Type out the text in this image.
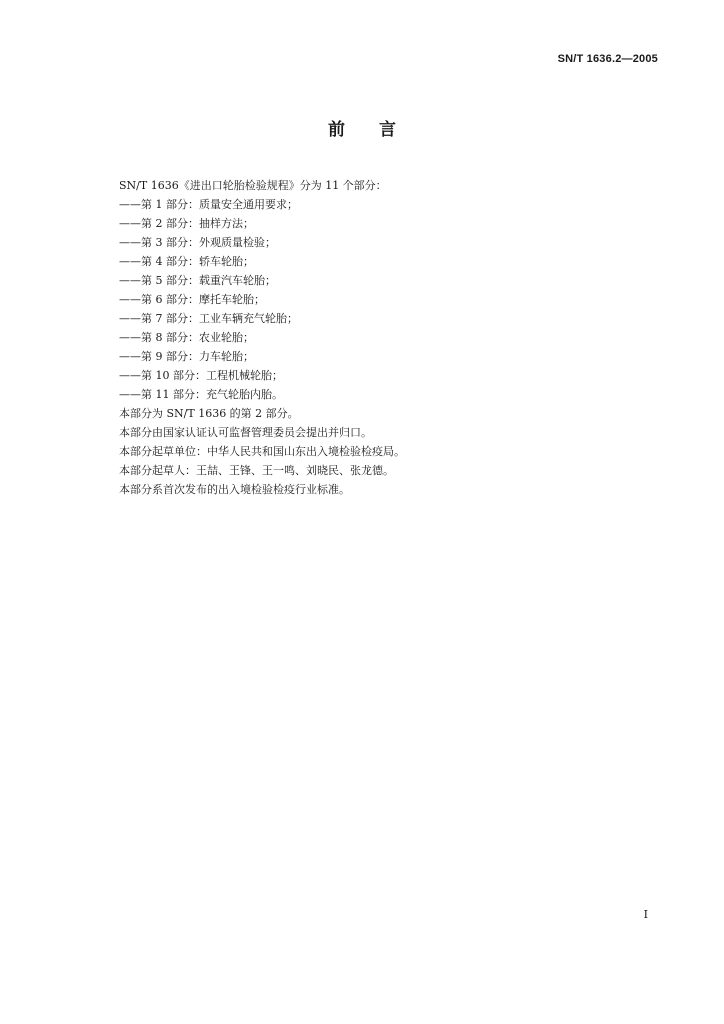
SN/T 1636.2—2005
前言
SN/T 1636《进出口轮胎检验规程》分为 11 个部分：
——第 1 部分：质量安全通用要求；
——第 2 部分：抽样方法；
——第 3 部分：外观质量检验；
——第 4 部分：轿车轮胎；
——第 5 部分：载重汽车轮胎；
——第 6 部分：摩托车轮胎；
——第 7 部分：工业车辆充气轮胎；
——第 8 部分：农业轮胎；
——第 9 部分：力车轮胎；
——第 10 部分：工程机械轮胎；
——第 11 部分：充气轮胎内胎。
本部分为 SN/T 1636 的第 2 部分。
本部分由国家认证认可监督管理委员会提出并归口。
本部分起草单位：中华人民共和国山东出入境检验检疫局。
本部分起草人：王喆、王锋、王一鸣、刘晓民、张龙德。
本部分系首次发布的出入境检验检疫行业标准。
I
